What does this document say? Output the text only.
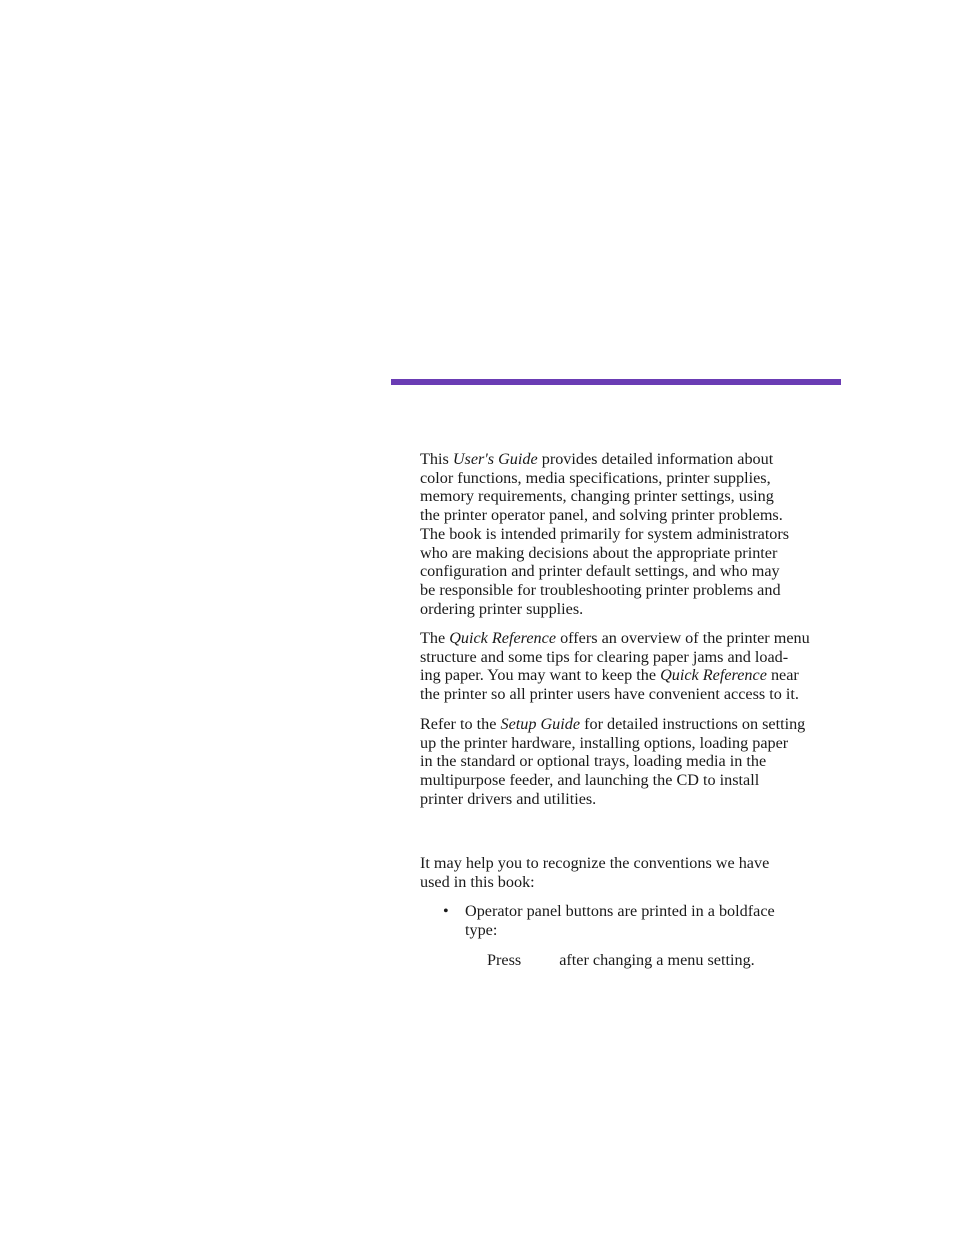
This User's Guide provides detailed information about
color functions, media specifications, printer supplies,
memory requirements, changing printer settings, using
the printer operator panel, and solving printer problems.
The book is intended primarily for system administrators
who are making decisions about the appropriate printer
configuration and printer default settings, and who may
be responsible for troubleshooting printer problems and
ordering printer supplies.
The Quick Reference offers an overview of the printer menu
structure and some tips for clearing paper jams and load-
ing paper. You may want to keep the Quick Reference near
the printer so all printer users have convenient access to it.
Refer to the Setup Guide for detailed instructions on setting
up the printer hardware, installing options, loading paper
in the standard or optional trays, loading media in the
multipurpose feeder, and launching the CD to install
printer drivers and utilities.
It may help you to recognize the conventions we have
used in this book:
• Operator panel buttons are printed in a boldface
type:
Press after changing a menu setting.
